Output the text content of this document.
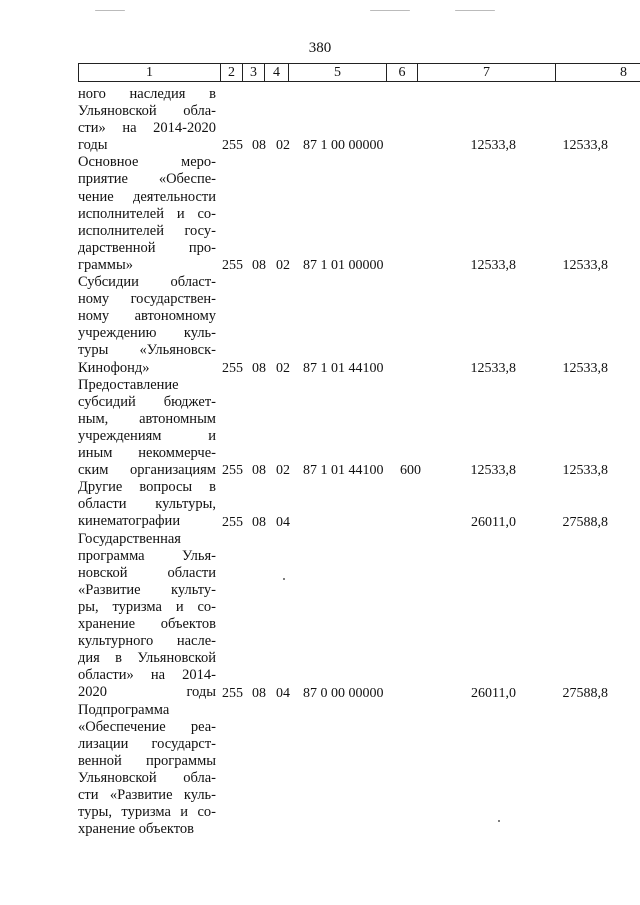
380
1	2	3	4	5	6	7	8
ного наследия в
Ульяновской обла-
сти» на 2014-2020
годы	255 08 02 87 1 00 00000	12533,8	12533,8
Основное меро-
приятие «Обеспе-
чение деятельности
исполнителей и со-
исполнителей госу-
дарственной про-
граммы»	255 08 02 87 1 01 00000	12533,8	12533,8
Субсидии област-
ному государствен-
ному автономному
учреждению куль-
туры «Ульяновск-
Кинофонд»	255 08 02 87 1 01 44100	12533,8	12533,8
Предоставление
субсидий бюджет-
ным, автономным
учреждениям и
иным некоммерче-
ским организациям 255 08 02 87 1 01 44100	600	12533,8	12533,8
Другие вопросы в
области культуры,
кинематографии	255 08 04	26011,0	27588,8
Государственная
программа Улья-
новской области
«Развитие культу-
ры, туризма и со-
хранение объектов
культурного насле-
дия в Ульяновской
области» на 2014-
2020 годы 255 08 04 87 0 00 00000	26011,0	27588,8
Подпрограмма
«Обеспечение реа-
лизации государст-
венной программы
Ульяновской обла-
сти «Развитие куль-
туры, туризма и со-
хранение объектов
